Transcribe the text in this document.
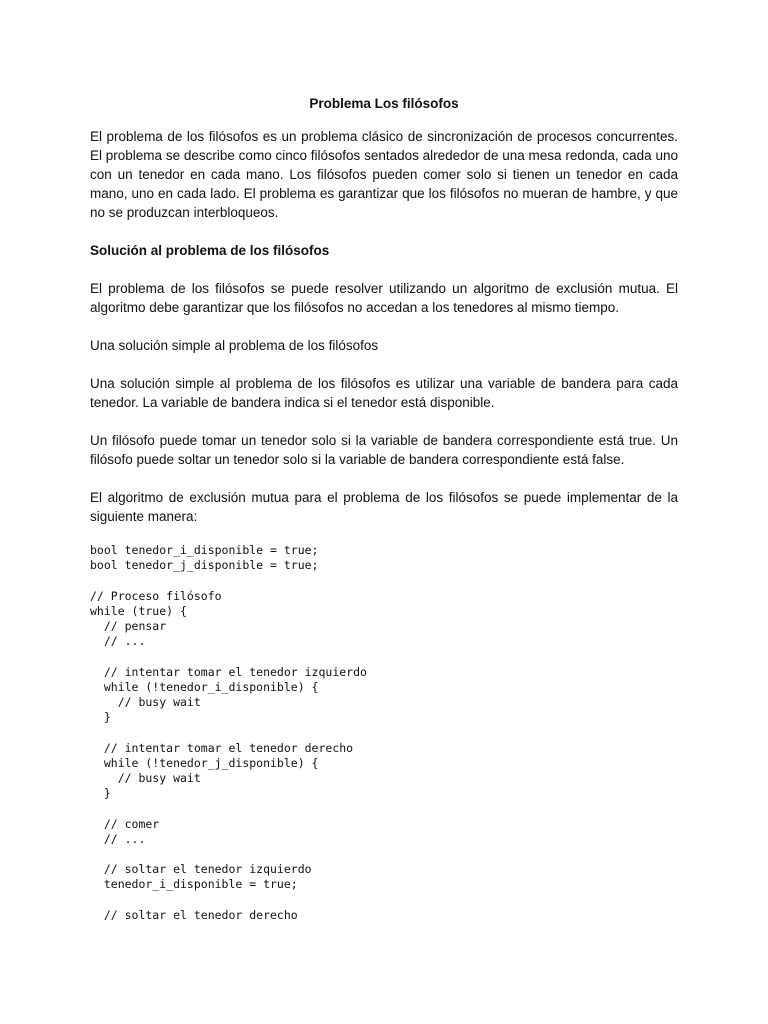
Problema Los filósofos

El problema de los filósofos es un problema clásico de sincronización de procesos concurrentes. El problema se describe como cinco filósofos sentados alrededor de una mesa redonda, cada uno con un tenedor en cada mano. Los filósofos pueden comer solo si tienen un tenedor en cada mano, uno en cada lado. El problema es garantizar que los filósofos no mueran de hambre, y que no se produzcan interbloqueos.

Solución al problema de los filósofos

El problema de los filósofos se puede resolver utilizando un algoritmo de exclusión mutua. El algoritmo debe garantizar que los filósofos no accedan a los tenedores al mismo tiempo.

Una solución simple al problema de los filósofos

Una solución simple al problema de los filósofos es utilizar una variable de bandera para cada tenedor. La variable de bandera indica si el tenedor está disponible.

Un filósofo puede tomar un tenedor solo si la variable de bandera correspondiente está true. Un filósofo puede soltar un tenedor solo si la variable de bandera correspondiente está false.

El algoritmo de exclusión mutua para el problema de los filósofos se puede implementar de la siguiente manera:

bool tenedor_i_disponible = true;
bool tenedor_j_disponible = true;

// Proceso filósofo
while (true) {
// pensar
// ...

// intentar tomar el tenedor izquierdo
while (!tenedor_i_disponible) {
// busy wait
}

// intentar tomar el tenedor derecho
while (!tenedor_j_disponible) {
// busy wait
}

// comer
// ...

// soltar el tenedor izquierdo
tenedor_i_disponible = true;

// soltar el tenedor derecho
